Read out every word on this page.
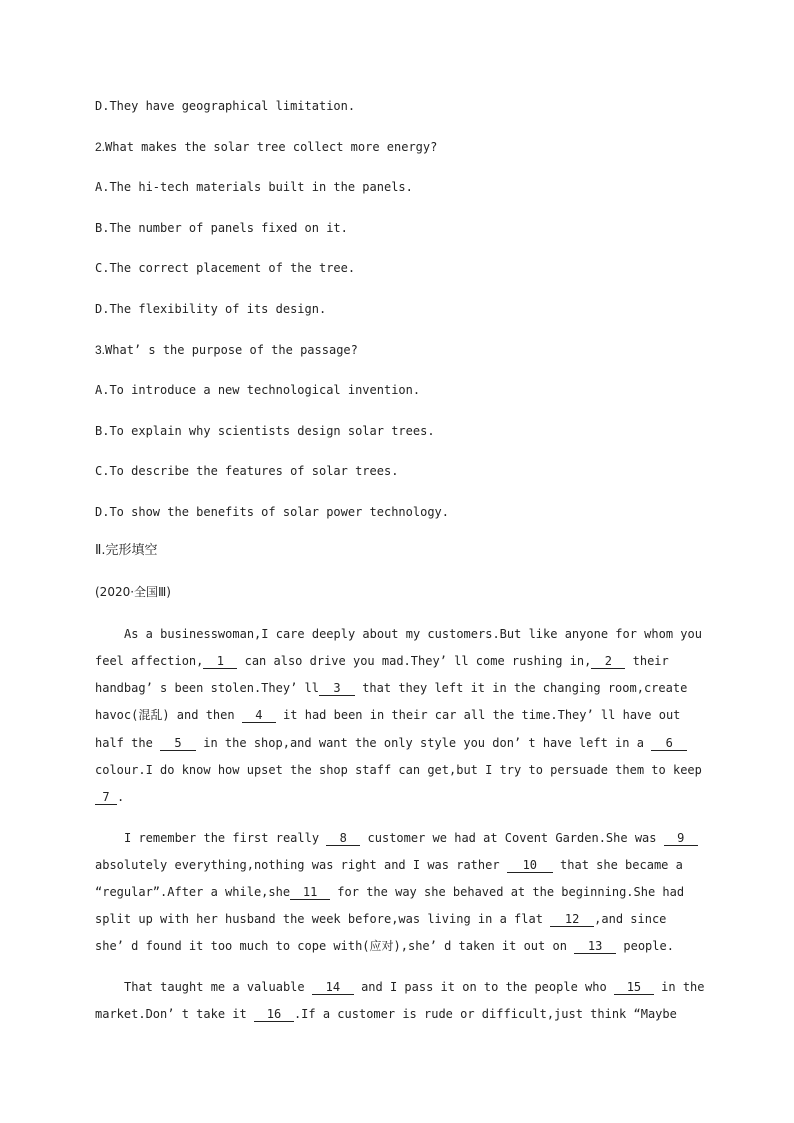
D.They have geographical limitation.
2.What makes the solar tree collect more energy?
A.The hi-tech materials built in the panels.
B.The number of panels fixed on it.
C.The correct placement of the tree.
D.The flexibility of its design.
3.What’ s the purpose of the passage?
A.To introduce a new technological invention.
B.To explain why scientists design solar trees.
C.To describe the features of solar trees.
D.To show the benefits of solar power technology.
Ⅱ.完形填空
(2020·全国Ⅲ)
As a businesswoman,I care deeply about my customers.But like anyone for whom you
feel affection, 1 can also drive you mad.They’ ll come rushing in, 2 their
handbag’ s been stolen.They’ ll 3 that they left it in the changing room,create
havoc(混乱) and then 4 it had been in their car all the time.They’ ll have out
half the 5 in the shop,and want the only style you don’ t have left in a 6
colour.I do know how upset the shop staff can get,but I try to persuade them to keep
7 .
I remember the first really 8 customer we had at Covent Garden.She was 9
absolutely everything,nothing was right and I was rather 10 that she became a
“regular”.After a while,she 11 for the way she behaved at the beginning.She had
split up with her husband the week before,was living in a flat 12 ,and since
she’ d found it too much to cope with(应对),she’ d taken it out on 13 people.
That taught me a valuable 14 and I pass it on to the people who 15 in the
market.Don’ t take it 16 .If a customer is rude or difficult,just think “Maybe
